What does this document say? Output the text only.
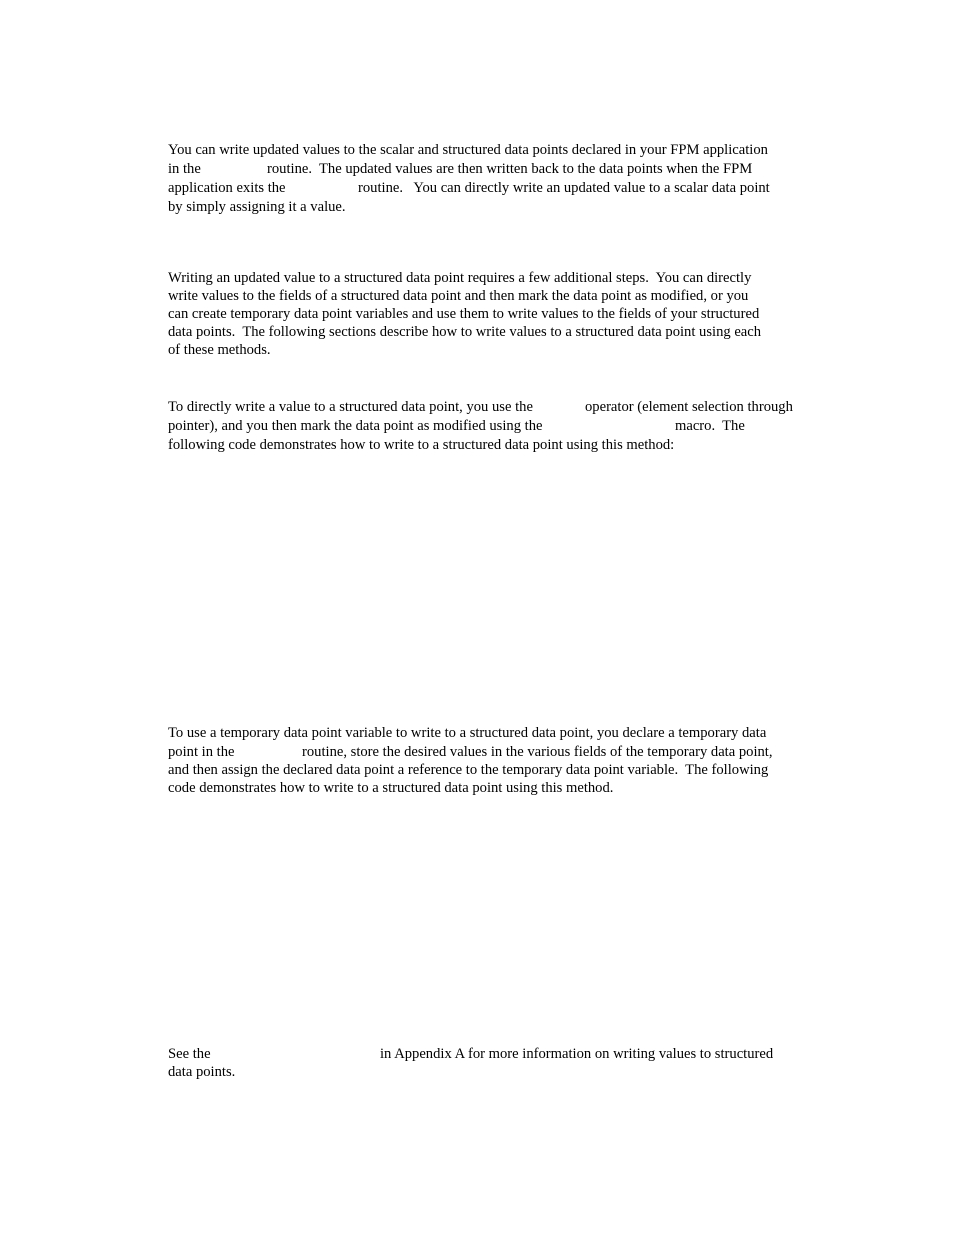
You can write updated values to the scalar and structured data points declared in your FPM application

in the

	routine.  The updated values are then written back to the data points when the FPM

application exits the

	routine.   You can directly write an updated value to a scalar data point

by simply assigning it a value.
Writing an updated value to a structured data point requires a few additional steps.  You can directly
write values to the fields of a structured data point and then mark the data point as modified, or you
can create temporary data point variables and use them to write values to the fields of your structured
data points.  The following sections describe how to write values to a structured data point using each
of these methods.

To directly write a value to a structured data point, you use the

	operator (element selection through

pointer), and you then mark the data point as modified using the

	macro.  The

following code demonstrates how to write to a structured data point using this method:
To use a temporary data point variable to write to a structured data point, you declare a temporary data

point in the

	routine, store the desired values in the various fields of the temporary data point,

and then assign the declared data point a reference to the temporary data point variable.  The following
code demonstrates how to write to a structured data point using this method.

See the

	in Appendix A for more information on writing values to structured

data points.
